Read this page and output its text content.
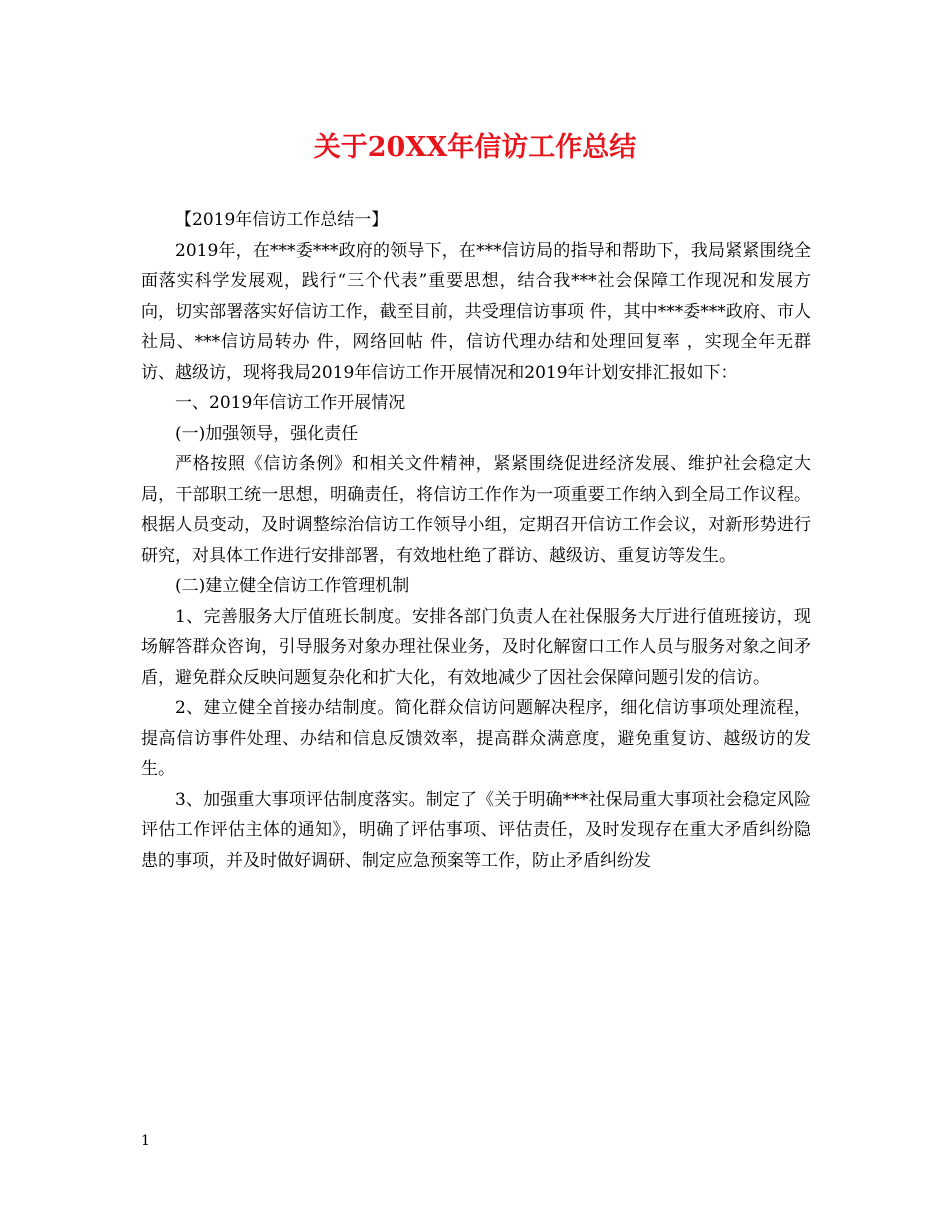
关于20XX年信访工作总结

【2019年信访工作总结一】

2019年，在***委***政府的领导下，在***信访局的指导和帮助下，我局紧紧围绕全面落实科学发展观，践行“三个代表”重要思想，结合我***社会保障工作现况和发展方向，切实部署落实好信访工作，截至目前，共受理信访事项 件，其中***委***政府、市人社局、***信访局转办 件，网络回帖 件，信访代理办结和处理回复率 ，实现全年无群访、越级访，现将我局2019年信访工作开展情况和2019年计划安排汇报如下：

一、2019年信访工作开展情况

(一)加强领导，强化责任

严格按照《信访条例》和相关文件精神，紧紧围绕促进经济发展、维护社会稳定大局，干部职工统一思想，明确责任，将信访工作作为一项重要工作纳入到全局工作议程。根据人员变动，及时调整综治信访工作领导小组，定期召开信访工作会议，对新形势进行研究，对具体工作进行安排部署，有效地杜绝了群访、越级访、重复访等发生。

(二)建立健全信访工作管理机制

1、完善服务大厅值班长制度。安排各部门负责人在社保服务大厅进行值班接访，现场解答群众咨询，引导服务对象办理社保业务，及时化解窗口工作人员与服务对象之间矛盾，避免群众反映问题复杂化和扩大化，有效地减少了因社会保障问题引发的信访。

2、建立健全首接办结制度。简化群众信访问题解决程序，细化信访事项处理流程，提高信访事件处理、办结和信息反馈效率，提高群众满意度，避免重复访、越级访的发生。

3、加强重大事项评估制度落实。制定了《关于明确***社保局重大事项社会稳定风险评估工作评估主体的通知》，明确了评估事项、评估责任，及时发现存在重大矛盾纠纷隐患的事项，并及时做好调研、制定应急预案等工作，防止矛盾纠纷发

1
